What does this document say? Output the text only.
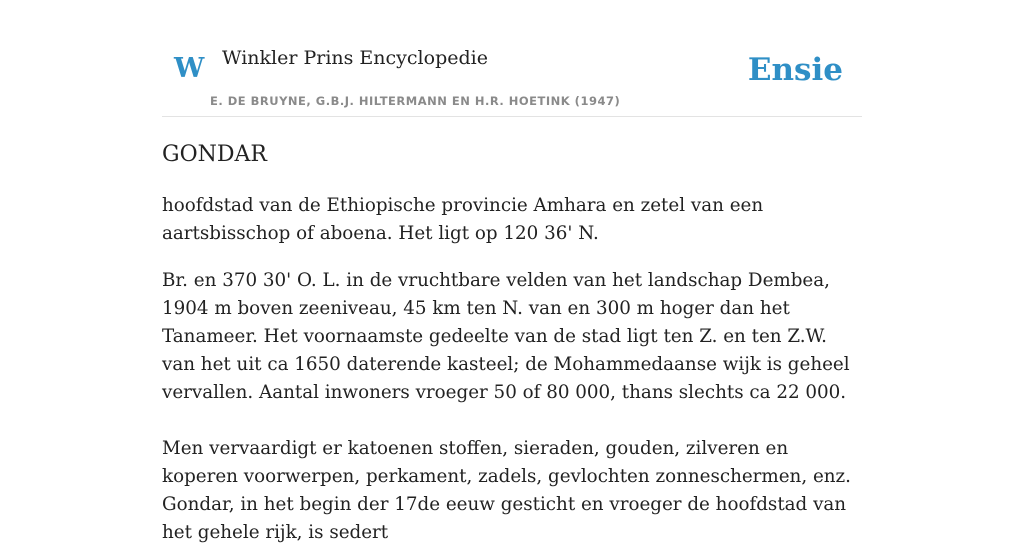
W Winkler Prins Encyclopedie
E. DE BRUYNE, G.B.J. HILTERMANN EN H.R. HOETINK (1947)
Ensie
GONDAR

hoofdstad van de Ethiopische provincie Amhara en zetel van een aartsbisschop of aboena. Het ligt op 120 36' N.

Br. en 370 30' O. L. in de vruchtbare velden van het landschap Dembea, 1904 m boven zeeniveau, 45 km ten N. van en 300 m hoger dan het Tanameer. Het voornaamste gedeelte van de stad ligt ten Z. en ten Z.W. van het uit ca 1650 daterende kasteel; de Mohammedaanse wijk is geheel vervallen. Aantal inwoners vroeger 50 of 80 000, thans slechts ca 22 000.

Men vervaardigt er katoenen stoffen, sieraden, gouden, zilveren en koperen voorwerpen, perkament, zadels, gevlochten zonneschermen, enz. Gondar, in het begin der 17de eeuw gesticht en vroeger de hoofdstad van het gehele rijk, is sedert
